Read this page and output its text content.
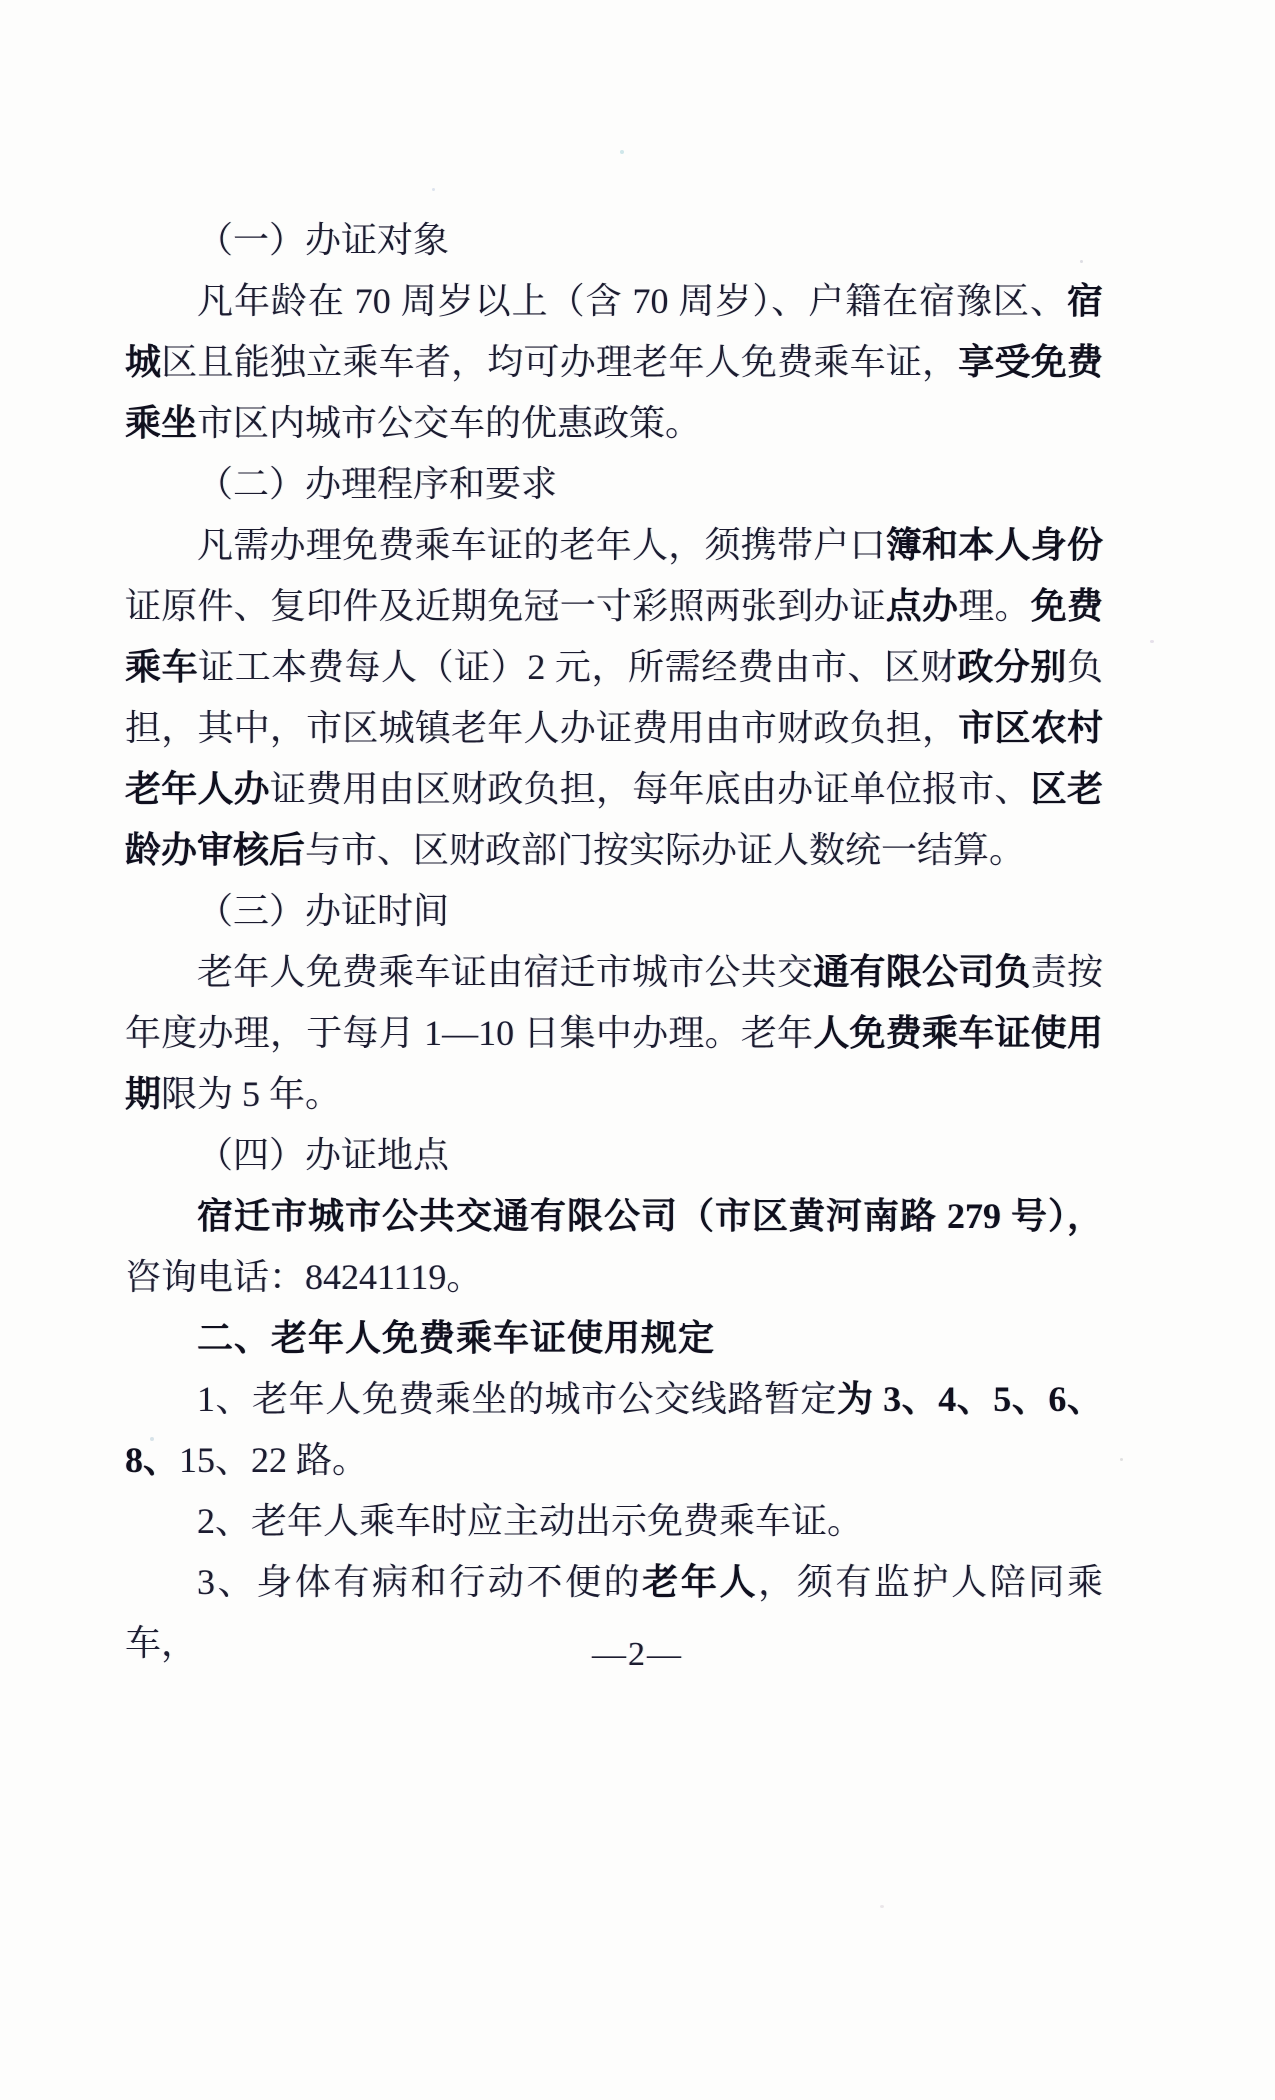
（一）办证对象

凡年龄在 70 周岁以上（含 70 周岁）、户籍在宿豫区、宿城区且能独立乘车者，均可办理老年人免费乘车证，享受免费乘坐市区内城市公交车的优惠政策。

（二）办理程序和要求

凡需办理免费乘车证的老年人，须携带户口簿和本人身份证原件、复印件及近期免冠一寸彩照两张到办证点办理。免费乘车证工本费每人（证）2 元，所需经费由市、区财政分别负担，其中，市区城镇老年人办证费用由市财政负担，市区农村老年人办证费用由区财政负担，每年底由办证单位报市、区老龄办审核后与市、区财政部门按实际办证人数统一结算。

（三）办证时间

老年人免费乘车证由宿迁市城市公共交通有限公司负责按年度办理，于每月 1—10 日集中办理。老年人免费乘车证使用期限为 5 年。

（四）办证地点

宿迁市城市公共交通有限公司（市区黄河南路 279 号），咨询电话：84241119。

二、老年人免费乘车证使用规定

1、老年人免费乘坐的城市公交线路暂定为 3、4、5、6、8、15、22 路。

2、老年人乘车时应主动出示免费乘车证。

3、身体有病和行动不便的老年人，须有监护人陪同乘车，	—2—
